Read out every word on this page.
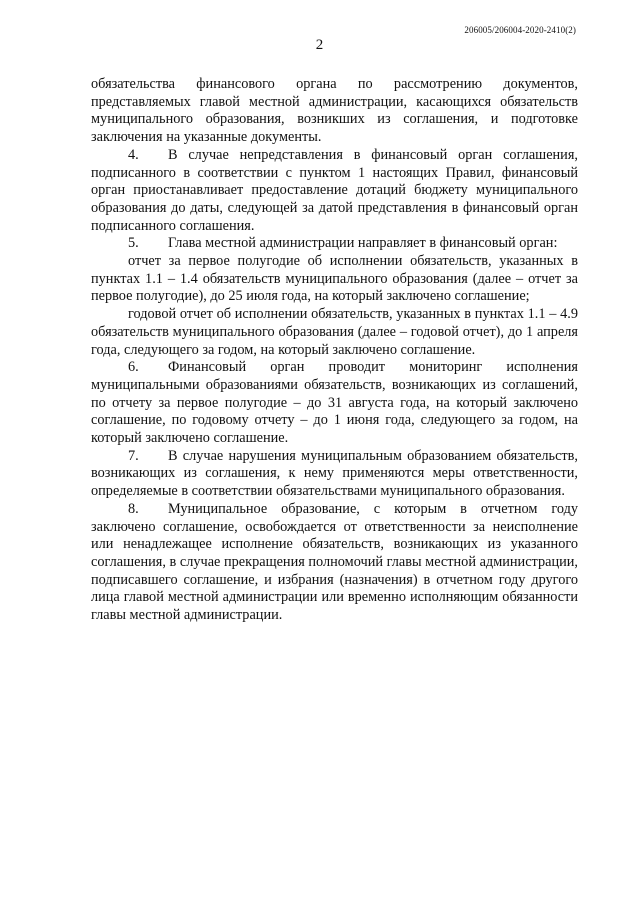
206005/206004-2020-2410(2)
2

обязательства финансового органа по рассмотрению документов, представляемых главой местной администрации, касающихся обязательств муниципального образования, возникших из соглашения, и подготовке заключения на указанные документы.

4. В случае непредставления в финансовый орган соглашения, подписанного в соответствии с пунктом 1 настоящих Правил, финансовый орган приостанавливает предоставление дотаций бюджету муниципального образования до даты, следующей за датой представления в финансовый орган подписанного соглашения.

5. Глава местной администрации направляет в финансовый орган:

отчет за первое полугодие об исполнении обязательств, указанных в пунктах 1.1 – 1.4 обязательств муниципального образования (далее – отчет за первое полугодие), до 25 июля года, на который заключено соглашение;

годовой отчет об исполнении обязательств, указанных в пунктах 1.1 – 4.9 обязательств муниципального образования (далее – годовой отчет), до 1 апреля года, следующего за годом, на который заключено соглашение.

6. Финансовый орган проводит мониторинг исполнения муниципальными образованиями обязательств, возникающих из соглашений, по отчету за первое полугодие – до 31 августа года, на который заключено соглашение, по годовому отчету – до 1 июня года, следующего за годом, на который заключено соглашение.

7. В случае нарушения муниципальным образованием обязательств, возникающих из соглашения, к нему применяются меры ответственности, определяемые в соответствии обязательствами муниципального образования.

8. Муниципальное образование, с которым в отчетном году заключено соглашение, освобождается от ответственности за неисполнение или ненадлежащее исполнение обязательств, возникающих из указанного соглашения, в случае прекращения полномочий главы местной администрации, подписавшего соглашение, и избрания (назначения) в отчетном году другого лица главой местной администрации или временно исполняющим обязанности главы местной администрации.
